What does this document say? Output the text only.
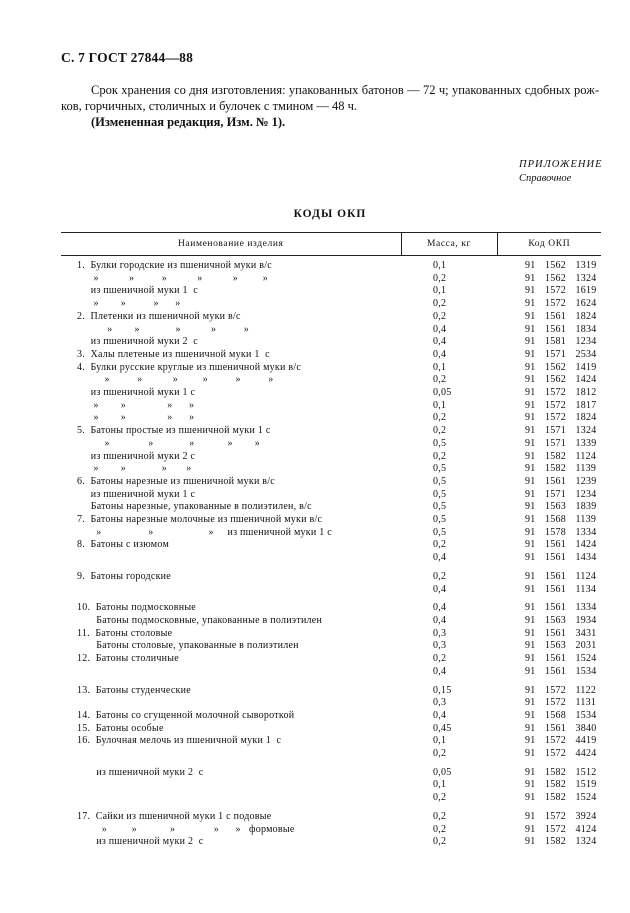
С. 7 ГОСТ 27844—88

Срок хранения со дня изготовления: упакованных батонов — 72 ч; упакованных сдобных рож-ков, горчичных, столичных и булочек с тмином — 48 ч.

(Измененная редакция, Изм. № 1).
ПРИЛОЖЕНИЕ
Справочное
КОДЫ ОКП
Наименование изделия	Масса, кг	Код ОКП
1.  Булки городские из пшеничной муки в/с	0,1	91  1562  1319
»           »          »           »           »         »	0,2	91  1562  1324
из пшеничной муки 1  с	0,1	91  1572  1619
»        »          »      »	0,2	91  1572  1624
2.  Плетенки из пшеничной муки в/с	0,2	91  1561  1824
»        »             »           »          »	0,4	91  1561  1834
из пшеничной муки 2  с	0,4	91  1581  1234
3.  Халы плетеные из пшеничной муки 1  с	0,4	91  1571  2534
4.  Булки русские круглые из пшеничной муки в/с	0,1	91  1562  1419
»          »           »         »          »          »	0,2	91  1562  1424
из пшеничной муки 1 с	0,05	91  1572  1812
»        »               »      »	0,1	91  1572  1817
»        »               »      »	0,2	91  1572  1824
5.  Батоны простые из пшеничной муки 1 с	0,2	91  1571  1324
»              »             »            »        »	0,5	91  1571  1339
из пшеничной муки 2 с	0,2	91  1582  1124
»        »             »       »	0,5	91  1582  1139
6.  Батоны нарезные из пшеничной муки в/с	0,5	91  1561  1239
из пшеничной муки 1 с	0,5	91  1571  1234
Батоны нарезные, упакованные в полиэтилен, в/с	0,5	91  1563  1839
7.  Батоны нарезные молочные из пшеничной муки в/с	0,5	91  1568  1139
»                 »                    »     из пшеничной муки 1 с	0,5	91  1578  1334
8.  Батоны с изюмом	0,2	91  1561  1424
	0,4	91  1561  1434
9.  Батоны городские	0,2	91  1561  1124
	0,4	91  1561  1134
10.  Батоны подмосковные	0,4	91  1561  1334
Батоны подмосковные, упакованные в полиэтилен	0,4	91  1563  1934
11.  Батоны столовые	0,3	91  1561  3431
Батоны столовые, упакованные в полиэтилен	0,3	91  1563  2031
12.  Батоны столичные	0,2	91  1561  1524
	0,4	91  1561  1534
13.  Батоны студенческие	0,15	91  1572  1122
	0,3	91  1572  1131
14.  Батоны со сгущенной молочной сывороткой	0,4	91  1568  1534
15.  Батоны особые	0,45	91  1561  3840
16.  Булочная мелочь из пшеничной муки 1  с	0,1	91  1572  4419
	0,2	91  1572  4424
из пшеничной муки 2  с	0,05	91  1582  1512
	0,1	91  1582  1519
	0,2	91  1582  1524
17.  Сайки из пшеничной муки 1 с подовые	0,2	91  1572  3924
»         »            »              »      »   формовые	0,2	91  1572  4124
из пшеничной муки 2  с	0,2	91  1582  1324
